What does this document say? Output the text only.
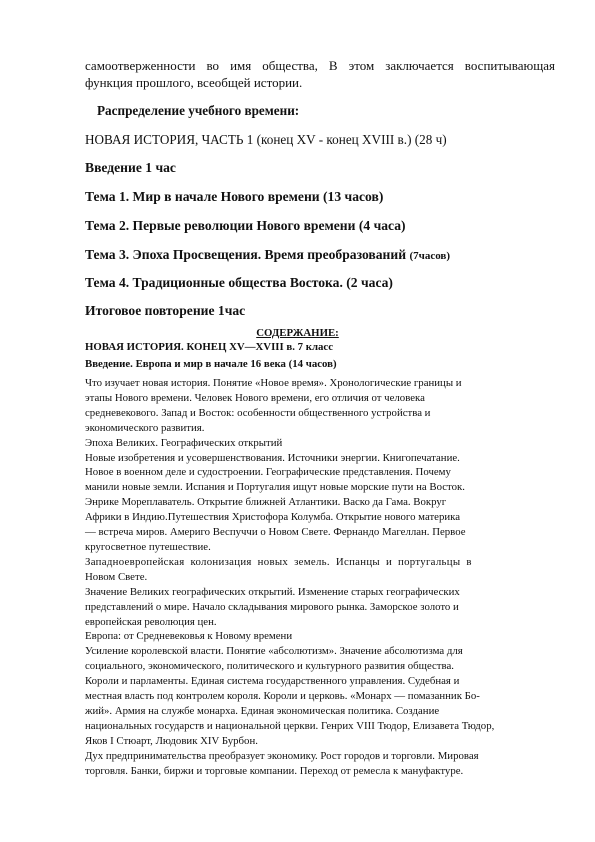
самоотверженности во имя общества, В этом заключается воспитывающая
функция прошлого, всеобщей истории.

Распределение учебного времени:

НОВАЯ ИСТОРИЯ, ЧАСТЬ 1 (конец XV - конец XVIII в.) (28 ч)

Введение 1 час

Тема 1. Мир в начале Нового времени (13 часов)

Тема 2. Первые революции Нового времени (4 часа)

Тема 3. Эпоха Просвещения. Время преобразований (7часов)

Тема 4. Традиционные общества Востока. (2 часа)

Итоговое повторение 1час

СОДЕРЖАНИЕ:

НОВАЯ ИСТОРИЯ. КОНЕЦ XV—XVIII в. 7 класс

Введение. Европа и мир в начале 16 века (14 часов)

Что изучает новая история. Понятие «Новое время». Хронологические границы и
этапы Нового времени. Человек Нового времени, его отличия от человека
средневекового. Запад и Восток: особенности общественного устройства и
экономического развития.
Эпоха Великих. Географических открытий
Новые изобретения и усовершенствования. Источники энергии. Книгопечатание.
Новое в военном деле и судостроении. Географические представления. Почему
манили новые земли. Испания и Португалия ищут новые морские пути на Восток.
Энрике Мореплаватель. Открытие ближней Атлантики. Васко да Гама. Вокруг
Африки в Индию.Путешествия Христофора Колумба. Открытие нового материка
— встреча миров. Америго Веспуччи о Новом Свете. Фернандо Магеллан. Первое
кругосветное путешествие.
Западноевропейская колонизация новых земель. Испанцы и португальцы в
Новом Свете.
Значение Великих географических открытий. Изменение старых географических
представлений о мире. Начало складывания мирового рынка. Заморское золото и
европейская революция цен.
Европа: от Средневековья к Новому времени
Усиление королевской власти. Понятие «абсолютизм». Значение абсолютизма для
социального, экономического, политического и культурного развития общества.
Короли и парламенты. Единая система государственного управления. Судебная и
местная власть под контролем короля. Короли и церковь. «Монарх — помазанник Бо-
жий». Армия на службе монарха. Единая экономическая политика. Создание
национальных государств и национальной церкви. Генрих VIII Тюдор, Елизавета Тюдор,
Яков I Стюарт, Людовик XIV Бурбон.
Дух предпринимательства преобразует экономику. Рост городов и торговли. Мировая
торговля. Банки, биржи и торговые компании. Переход от ремесла к мануфактуре.
